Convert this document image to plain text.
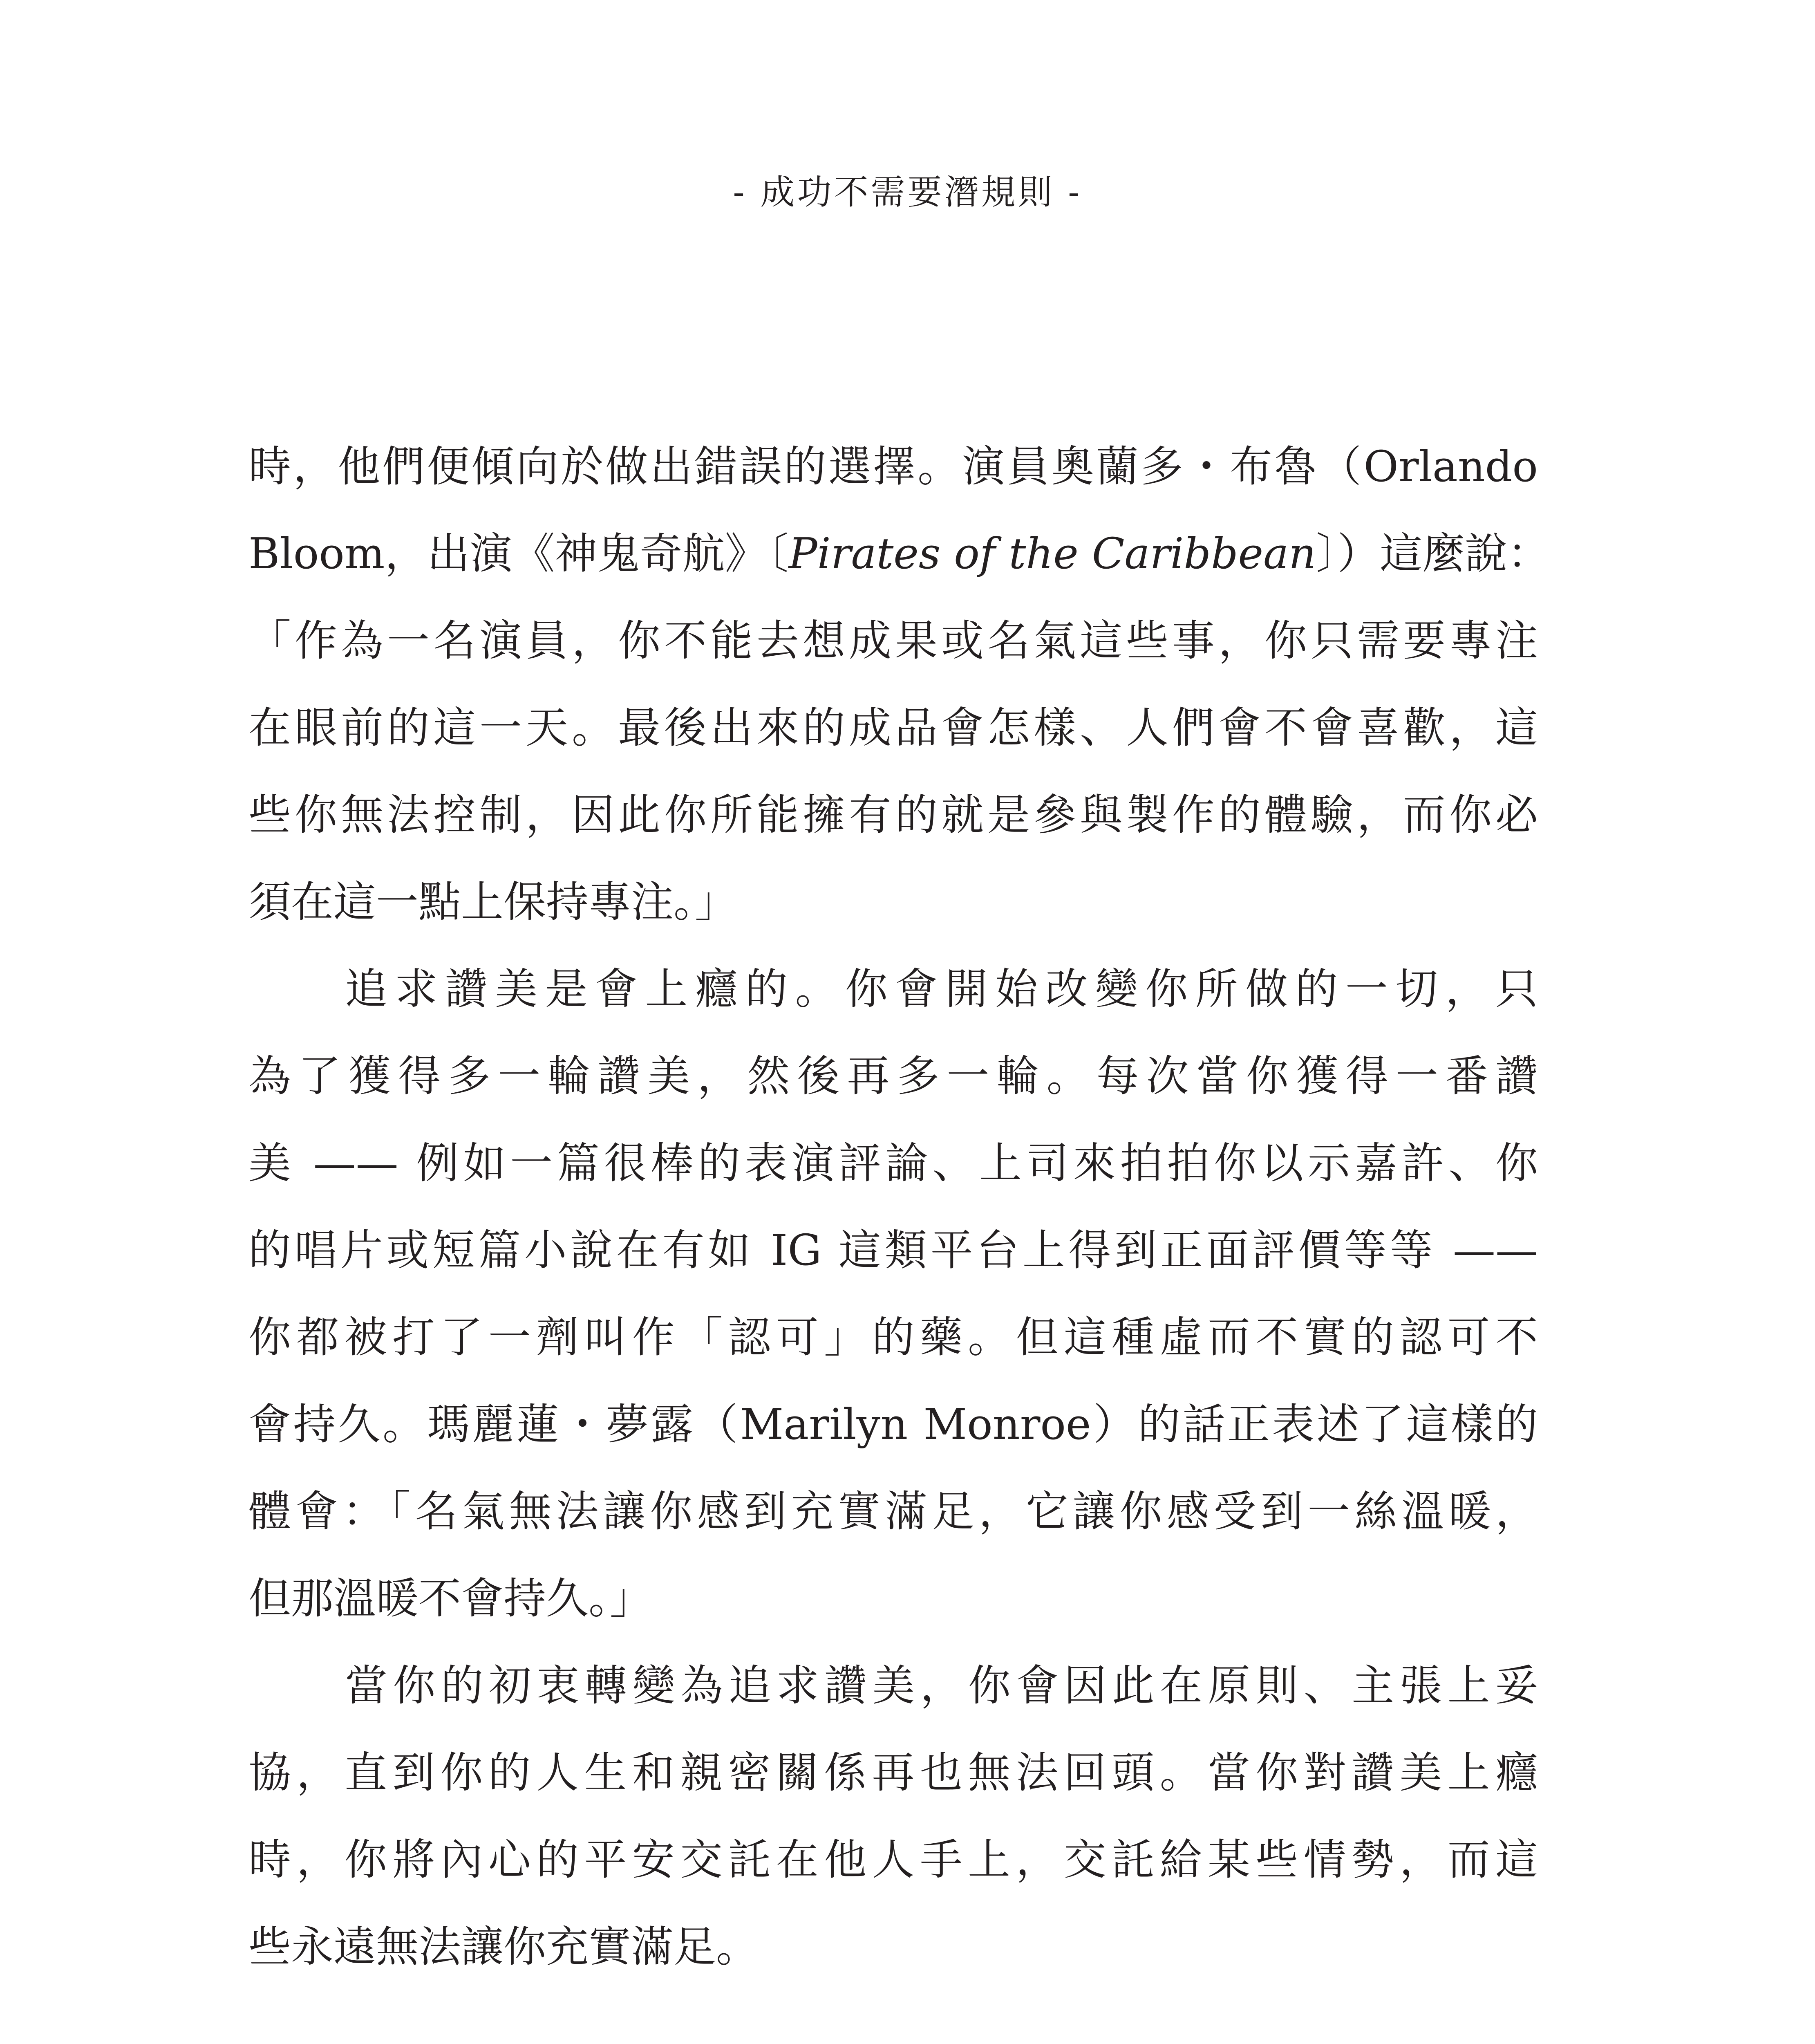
- 成功不需要潛規則 -
時，他們便傾向於做出錯誤的選擇。演員奧蘭多・布魯（Orlando
Bloom，出演《神鬼奇航》〔Pirates of the Caribbean〕）這麼說：
「作為一名演員，你不能去想成果或名氣這些事，你只需要專注
在眼前的這一天。最後出來的成品會怎樣、人們會不會喜歡，這
些你無法控制，因此你所能擁有的就是參與製作的體驗，而你必
須在這一點上保持專注。」
追求讚美是會上癮的。你會開始改變你所做的一切，只
為了獲得多一輪讚美，然後再多一輪。每次當你獲得一番讚
美 —— 例如一篇很棒的表演評論、上司來拍拍你以示嘉許、你
的唱片或短篇小說在有如 IG 這類平台上得到正面評價等等 ——
你都被打了一劑叫作「認可」的藥。但這種虛而不實的認可不
會持久。瑪麗蓮・夢露（Marilyn Monroe）的話正表述了這樣的
體會：「名氣無法讓你感到充實滿足，它讓你感受到一絲溫暖，
但那溫暖不會持久。」
當你的初衷轉變為追求讚美，你會因此在原則、主張上妥
協，直到你的人生和親密關係再也無法回頭。當你對讚美上癮
時，你將內心的平安交託在他人手上，交託給某些情勢，而這
些永遠無法讓你充實滿足。
